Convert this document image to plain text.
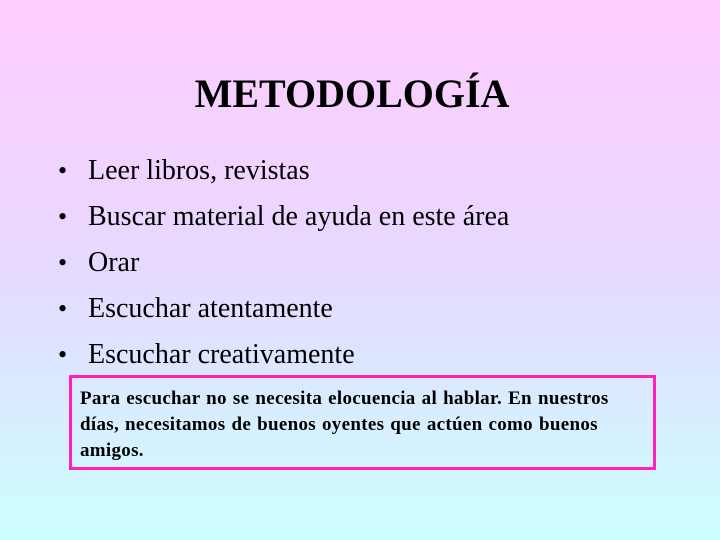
METODOLOGÍA
• Leer libros, revistas
• Buscar material de ayuda en este área
• Orar
• Escuchar atentamente
• Escuchar creativamente

Para escuchar no se necesita elocuencia al hablar. En nuestros días, necesitamos de buenos oyentes que actúen como buenos amigos.
